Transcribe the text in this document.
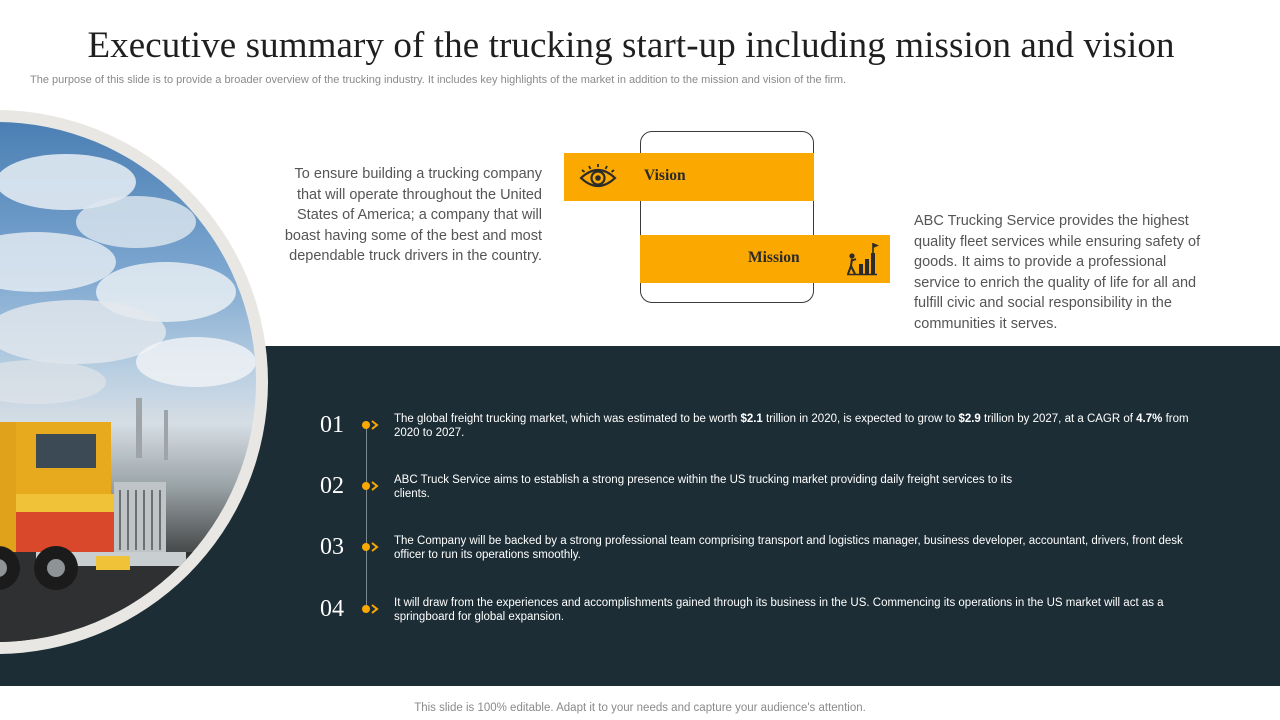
Executive summary of the trucking start-up including mission and vision
The purpose of this slide is to provide a broader overview of the trucking industry. It includes key highlights of the market in addition to the mission and vision of the firm.
To ensure building a trucking company that will operate throughout the United States of America; a company that will boast having some of the best and most dependable truck drivers in the country.
Vision
Mission
ABC Trucking Service provides the highest quality fleet services while ensuring safety of goods. It aims to provide a professional service to enrich the quality of life for all and fulfill civic and social responsibility in the communities it serves.
01	The global freight trucking market, which was estimated to be worth $2.1 trillion in 2020, is expected to grow to $2.9 trillion by 2027, at a CAGR of 4.7% from 2020 to 2027.
02	ABC Truck Service aims to establish a strong presence within the US trucking market providing daily freight services to its clients.
03	The Company will be backed by a strong professional team comprising transport and logistics manager, business developer, accountant, drivers, front desk officer to run its operations smoothly.
04	It will draw from the experiences and accomplishments gained through its business in the US. Commencing its operations in the US market will act as a springboard for global expansion.
This slide is 100% editable. Adapt it to your needs and capture your audience's attention.
